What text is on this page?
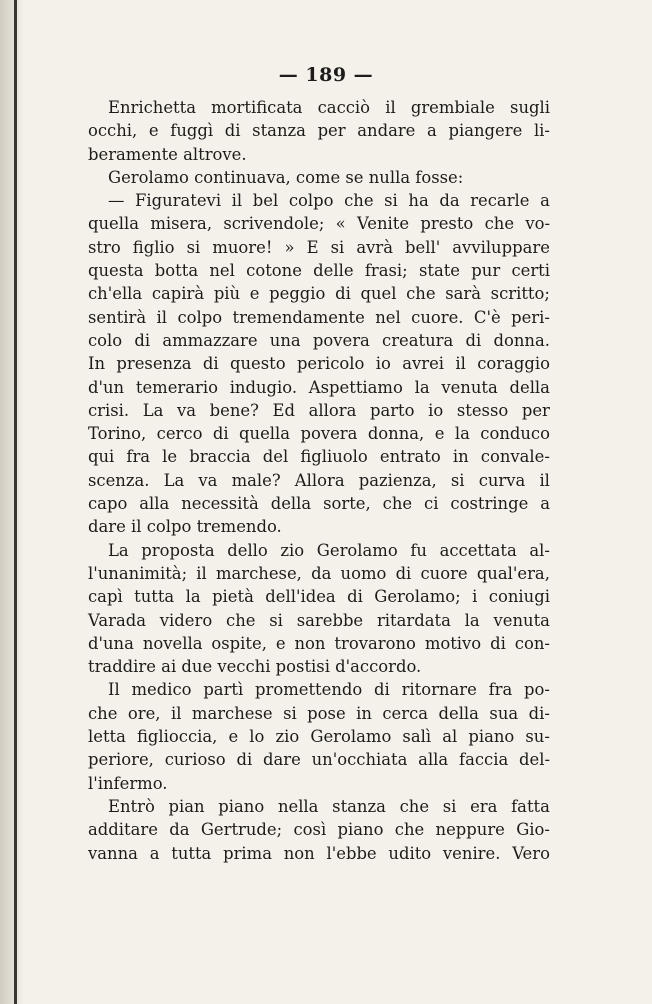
— 189 —
Enrichetta mortificata cacciò il grembiale sugli
occhi, e fuggì di stanza per andare a piangere li-
beramente altrove.
Gerolamo continuava, come se nulla fosse:
— Figuratevi il bel colpo che si ha da recarle a
quella misera, scrivendole; « Venite presto che vo-
stro figlio si muore! » E si avrà bell' avviluppare
questa botta nel cotone delle frasi; state pur certi
ch'ella capirà più e peggio di quel che sarà scritto;
sentirà il colpo tremendamente nel cuore. C'è peri-
colo di ammazzare una povera creatura di donna.
In presenza di questo pericolo io avrei il coraggio
d'un temerario indugio. Aspettiamo la venuta della
crisi. La va bene? Ed allora parto io stesso per
Torino, cerco di quella povera donna, e la conduco
qui fra le braccia del figliuolo entrato in convale-
scenza. La va male? Allora pazienza, si curva il
capo alla necessità della sorte, che ci costringe a
dare il colpo tremendo.
La proposta dello zio Gerolamo fu accettata al-
l'unanimità; il marchese, da uomo di cuore qual'era,
capì tutta la pietà dell'idea di Gerolamo; i coniugi
Varada videro che si sarebbe ritardata la venuta
d'una novella ospite, e non trovarono motivo di con-
traddire ai due vecchi postisi d'accordo.
Il medico partì promettendo di ritornare fra po-
che ore, il marchese si pose in cerca della sua di-
letta figlioccia, e lo zio Gerolamo salì al piano su-
periore, curioso di dare un'occhiata alla faccia del-
l'infermo.
Entrò pian piano nella stanza che si era fatta
additare da Gertrude; così piano che neppure Gio-
vanna a tutta prima non l'ebbe udito venire. Vero
